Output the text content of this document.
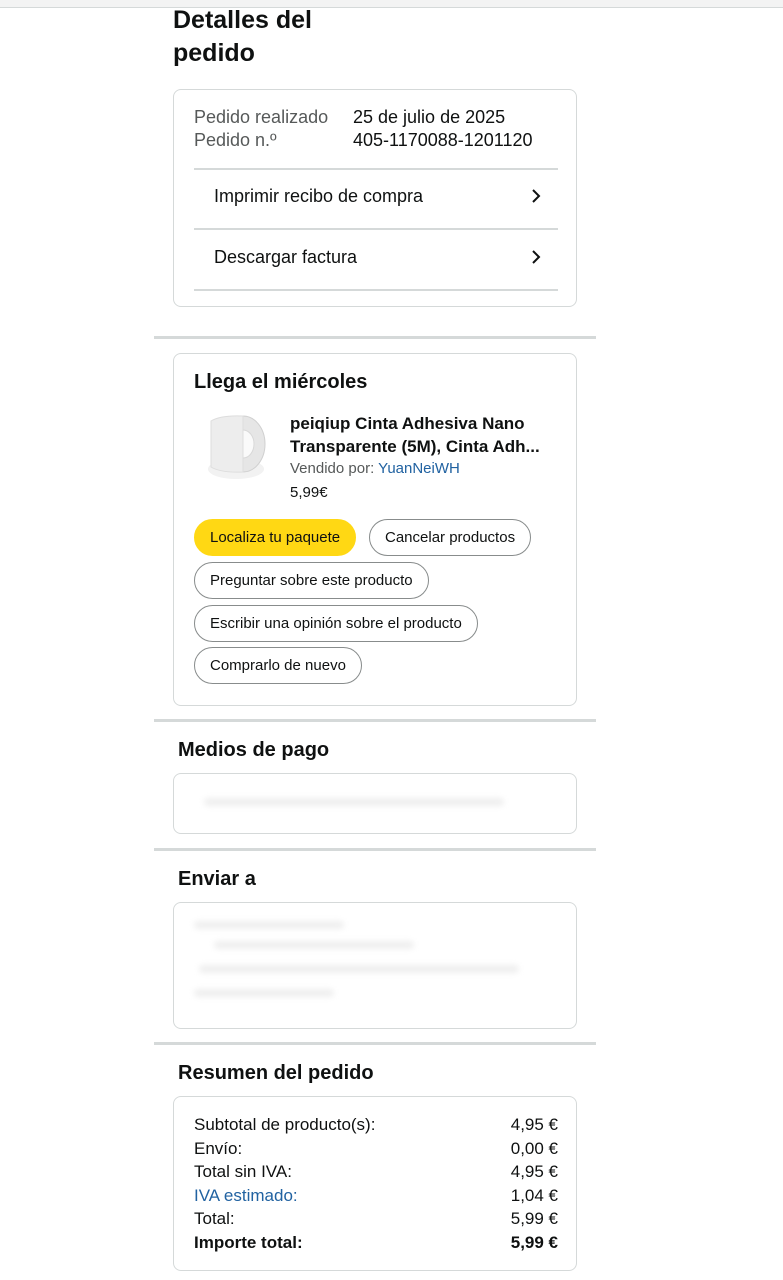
Detalles del pedido
Pedido realizado 25 de julio de 2025
Pedido n.º	405-1170088-1201120
Imprimir recibo de compra
Descargar factura
Llega el miércoles
peiqiup Cinta Adhesiva Nano
Transparente (5M), Cinta Adh...
Vendido por: YuanNeiWH
5,99€
Localiza tu paquete	Cancelar productos
Preguntar sobre este producto
Escribir una opinión sobre el producto
Comprarlo de nuevo
Medios de pago
Enviar a
Resumen del pedido
Subtotal de producto(s):	4,95 €
Envío:	0,00 €
Total sin IVA:	4,95 €
IVA estimado:	1,04 €
Total:	5,99 €
Importe total:	5,99 €
